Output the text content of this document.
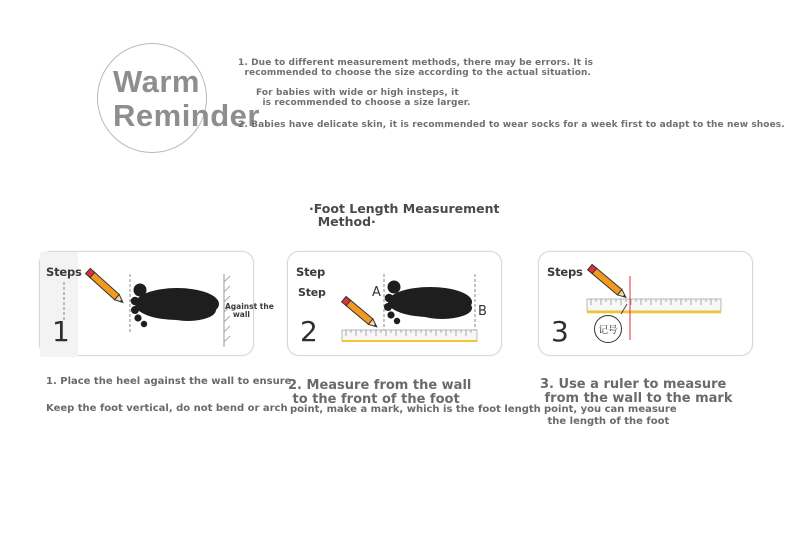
Warm
Reminder
1. Due to different measurement methods, there may be errors. It is
recommended to choose the size according to the actual situation.
For babies with wide or high insteps, it
is recommended to choose a size larger.
2. Babies have delicate skin, it is recommended to wear socks for a week first to adapt to the new shoes.
·Foot Length Measurement
Method·
Steps
1
Against the
wall
Step
Step
2
A
B
Steps
3	记号
1. Place the heel against the wall to ensure
Keep the foot vertical, do not bend or arch
2. Measure from the wall
to the front of the foot
point, make a mark, which is the foot length
3. Use a ruler to measure
from the wall to the mark
point, you can measure
the length of the foot
